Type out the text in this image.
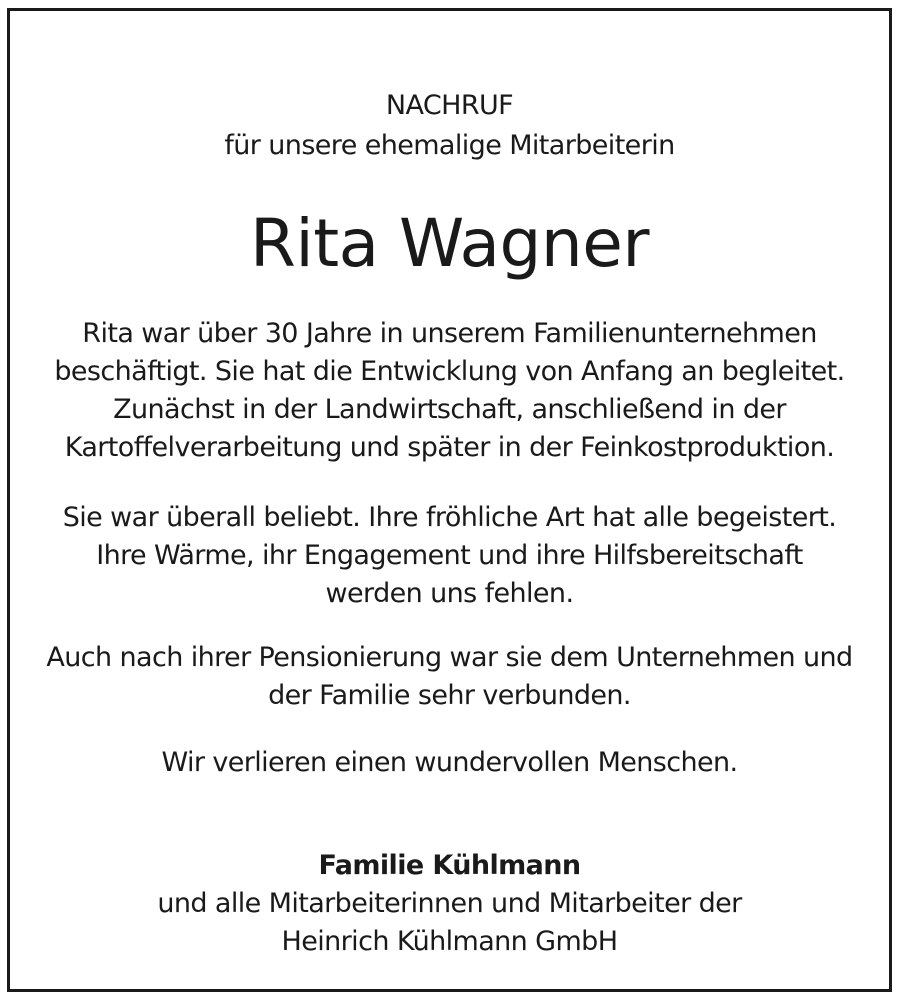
NACHRUF
für unsere ehemalige Mitarbeiterin
Rita Wagner
Rita war über 30 Jahre in unserem Familienunternehmen
beschäftigt. Sie hat die Entwicklung von Anfang an begleitet.
Zunächst in der Landwirtschaft, anschließend in der
Kartoffelverarbeitung und später in der Feinkostproduktion.
Sie war überall beliebt. Ihre fröhliche Art hat alle begeistert.
Ihre Wärme, ihr Engagement und ihre Hilfsbereitschaft
werden uns fehlen.
Auch nach ihrer Pensionierung war sie dem Unternehmen und
der Familie sehr verbunden.
Wir verlieren einen wundervollen Menschen.
Familie Kühlmann
und alle Mitarbeiterinnen und Mitarbeiter der
Heinrich Kühlmann GmbH
